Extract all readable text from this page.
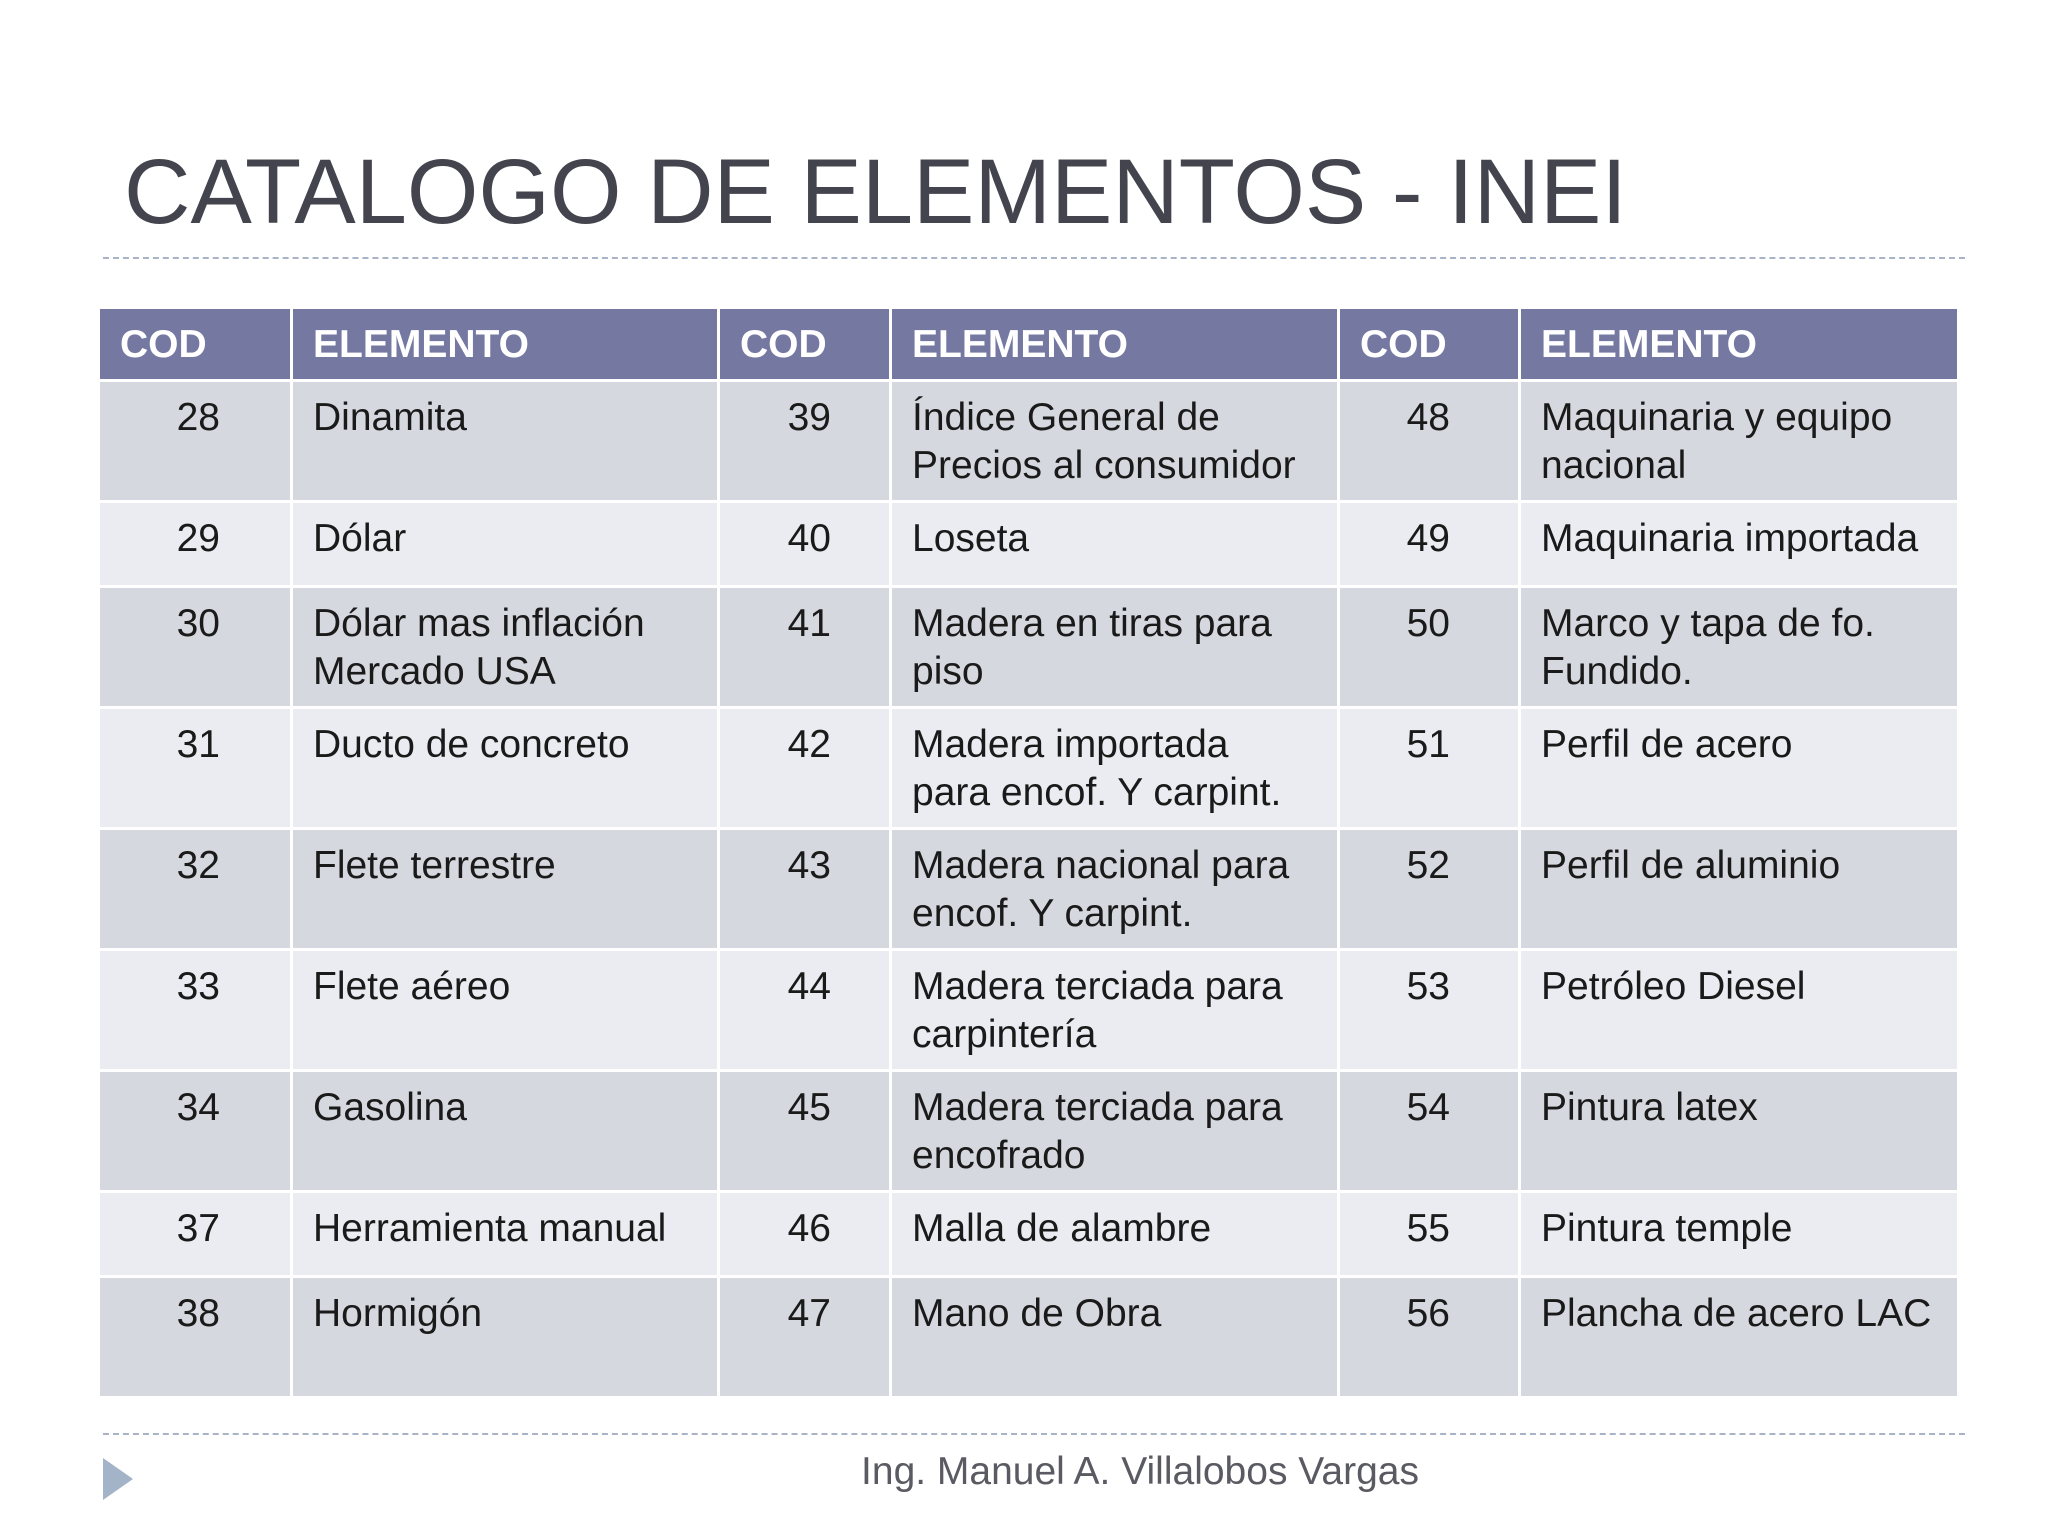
CATALOGO DE ELEMENTOS - INEI
COD	ELEMENTO	COD	ELEMENTO	COD	ELEMENTO
28	Dinamita	39	Índice General de Precios al consumidor	48	Maquinaria y equipo nacional
29	Dólar	40	Loseta	49	Maquinaria importada
30	Dólar mas inflación Mercado USA	41	Madera en tiras para piso	50	Marco y tapa de fo. Fundido.
31	Ducto de concreto	42	Madera importada para encof. Y carpint.	51	Perfil de acero
32	Flete terrestre	43	Madera nacional para encof. Y carpint.	52	Perfil de aluminio
33	Flete aéreo	44	Madera terciada para carpintería	53	Petróleo Diesel
34	Gasolina	45	Madera terciada para encofrado	54	Pintura latex
37	Herramienta manual	46	Malla de alambre	55	Pintura temple
38	Hormigón	47	Mano de Obra	56	Plancha de acero LAC
Ing. Manuel A. Villalobos Vargas
